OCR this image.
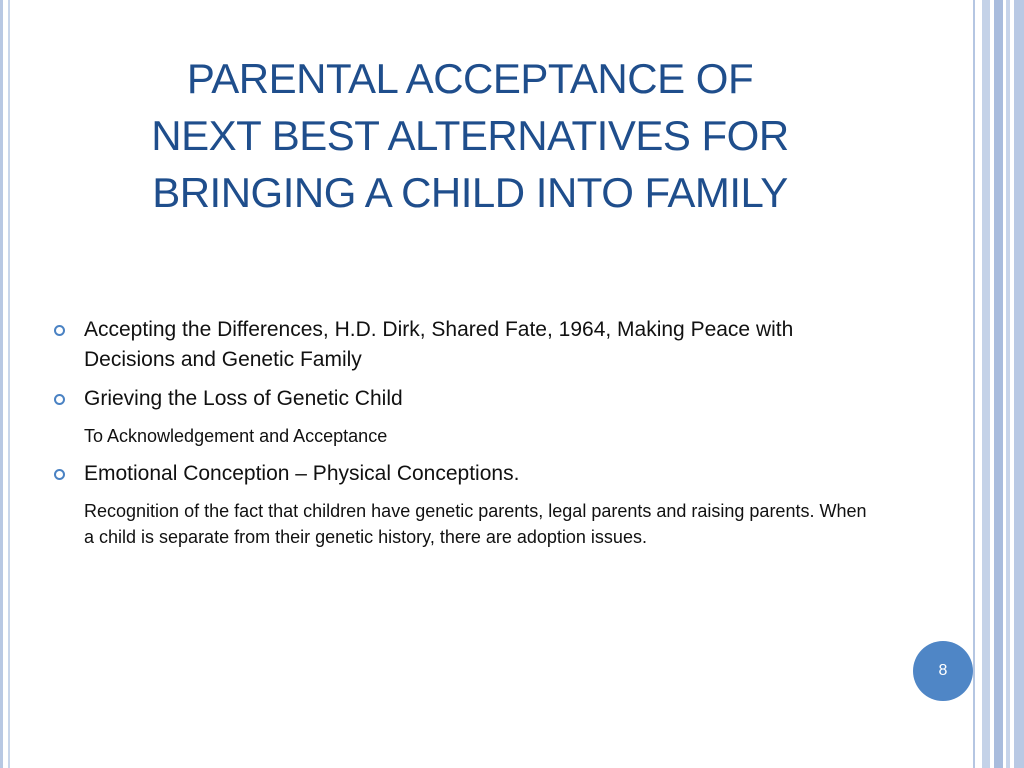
PARENTAL ACCEPTANCE OF
NEXT BEST ALTERNATIVES FOR
BRINGING A CHILD INTO FAMILY
Accepting the Differences, H.D. Dirk, Shared Fate, 1964, Making Peace with Decisions and Genetic Family
Grieving the Loss of Genetic Child
To Acknowledgement and Acceptance
Emotional Conception – Physical Conceptions.
Recognition of the fact that children have genetic parents, legal parents and raising parents. When a child is separate from their genetic history, there are adoption issues.
8
